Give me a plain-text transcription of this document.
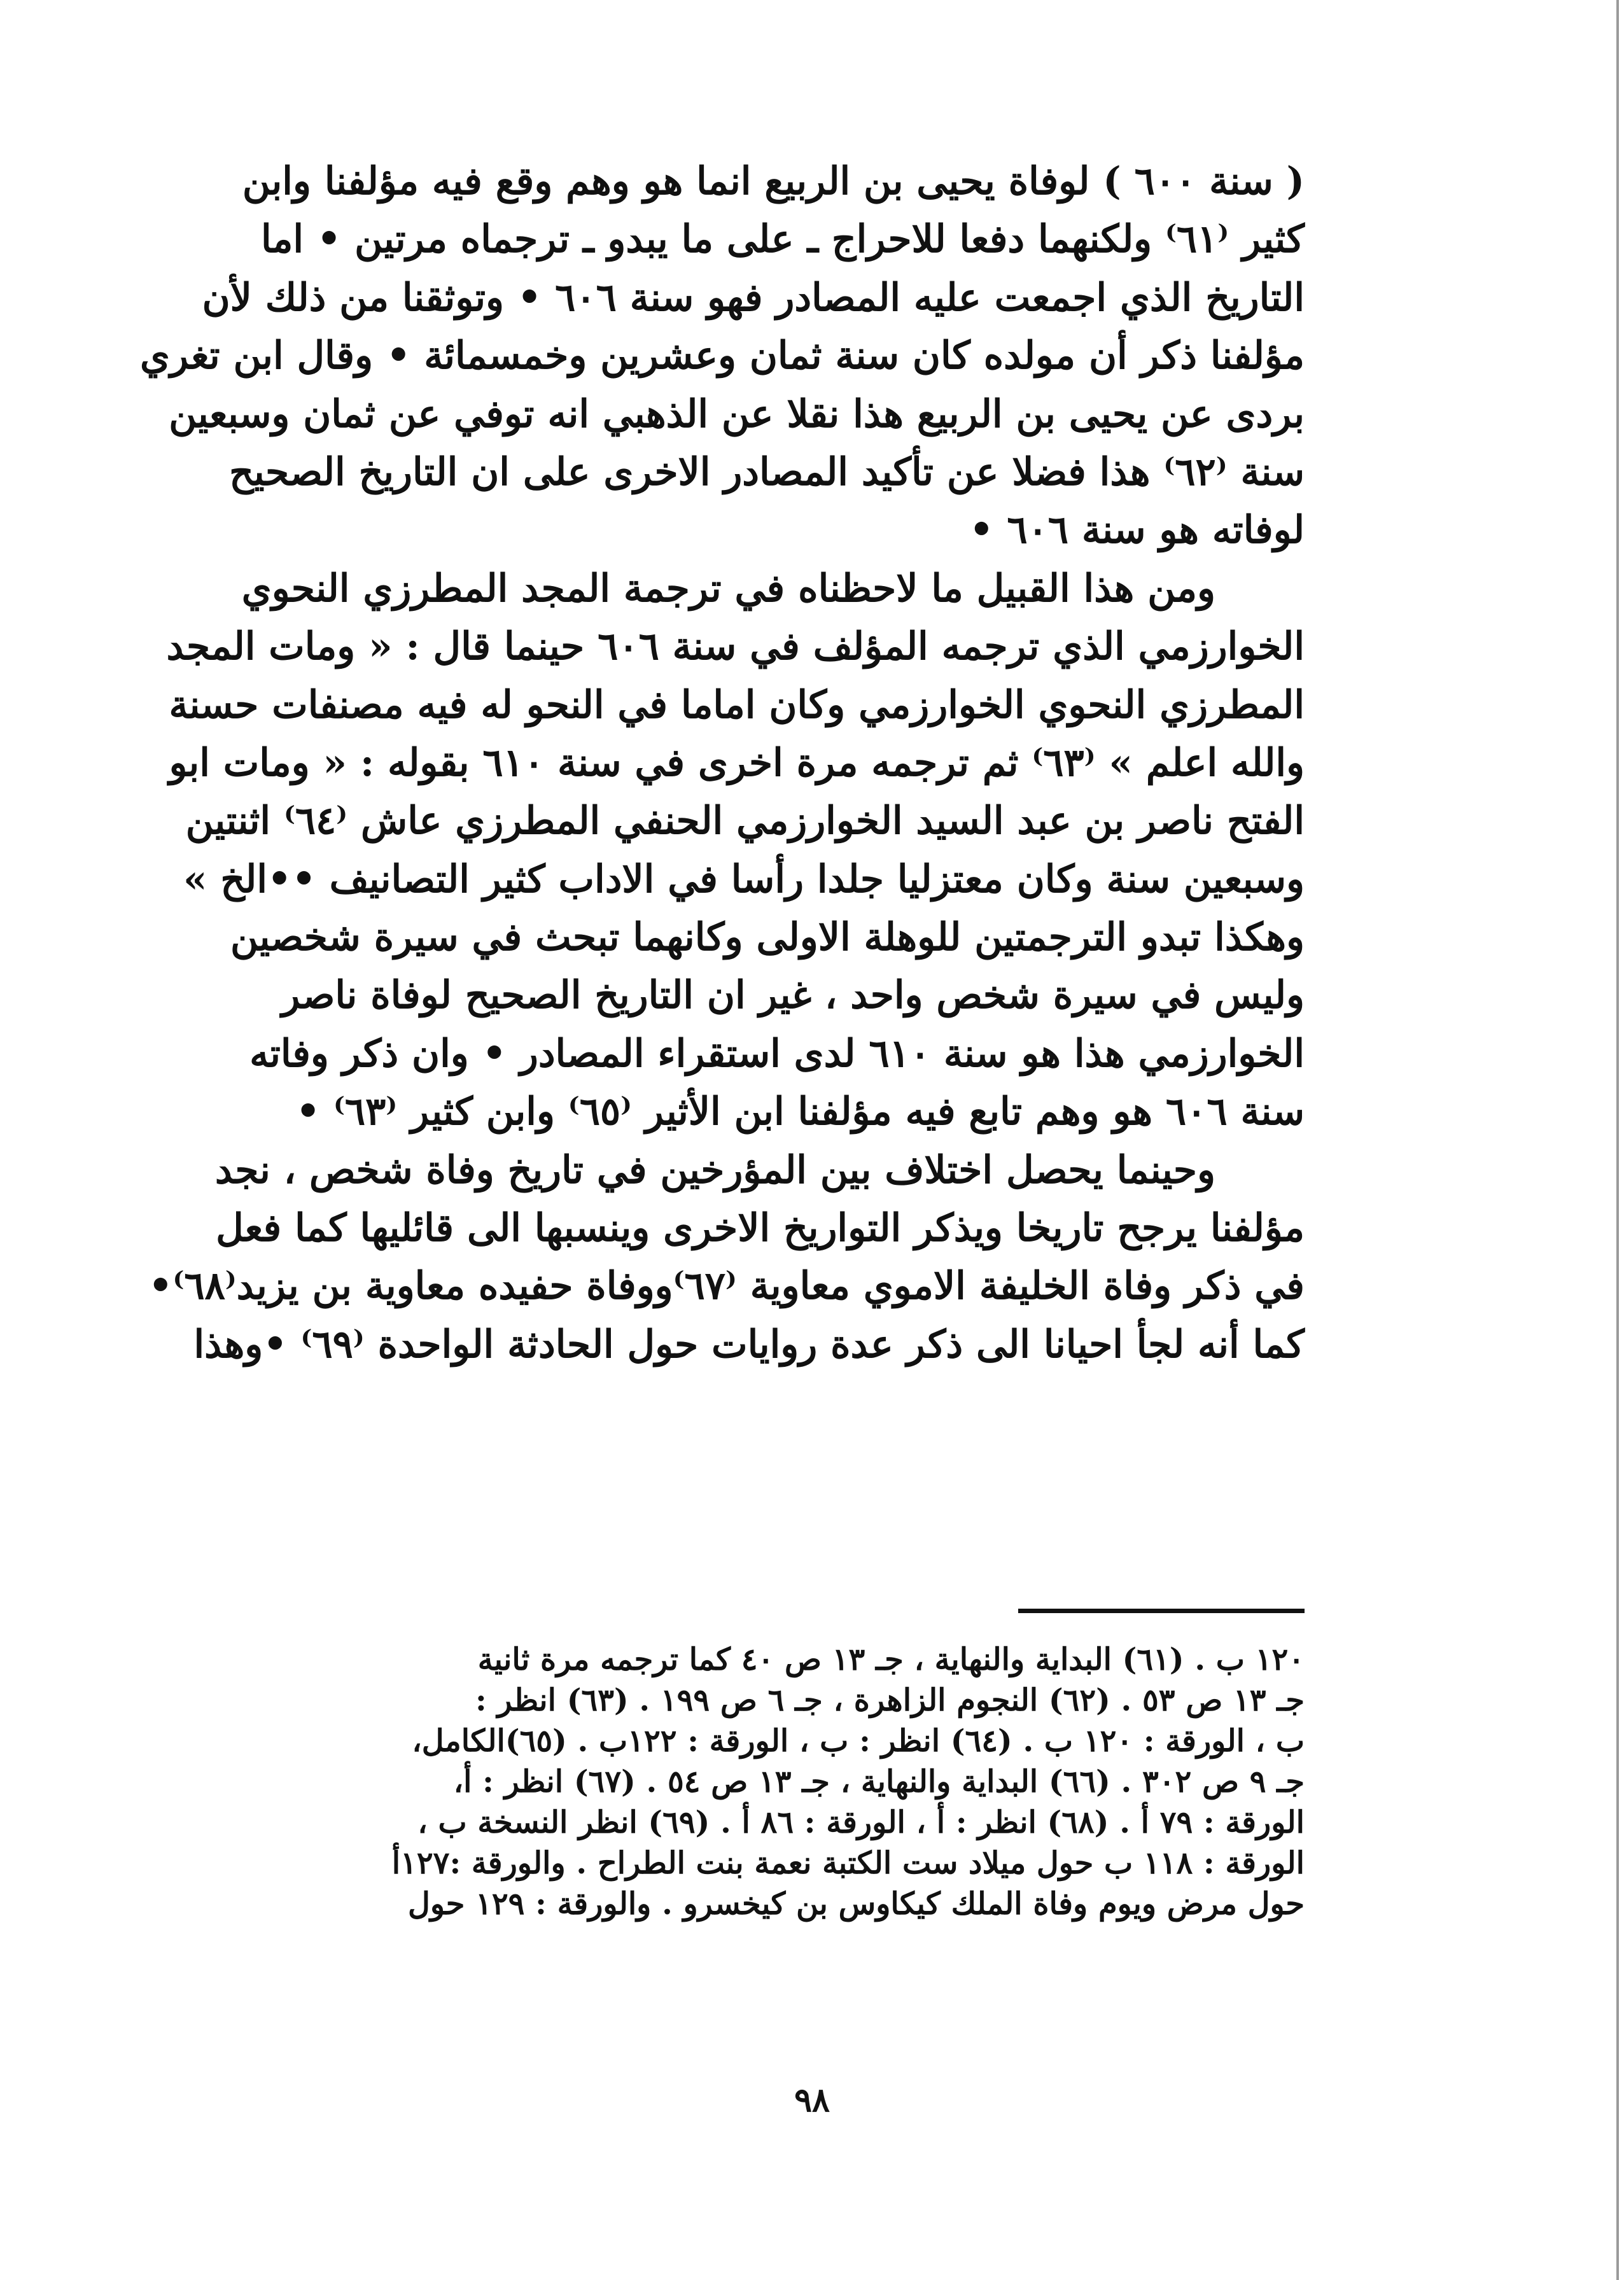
( سنة ٦٠٠ ) لوفاة يحيى بن الربيع انما هو وهم وقع فيه مؤلفنا وابن
كثير ⁽٦١⁾ ولكنهما دفعا للاحراج ـ على ما يبدو ـ ترجماه مرتين • اما
التاريخ الذي اجمعت عليه المصادر فهو سنة ٦٠٦ • وتوثقنا من ذلك لأن
مؤلفنا ذكر أن مولده كان سنة ثمان وعشرين وخمسمائة • وقال ابن تغري
بردى عن يحيى بن الربيع هذا نقلا عن الذهبي انه توفي عن ثمان وسبعين
سنة ⁽٦٢⁾ هذا فضلا عن تأكيد المصادر الاخرى على ان التاريخ الصحيح
لوفاته هو سنة ٦٠٦ •
ومن هذا القبيل ما لاحظناه في ترجمة المجد المطرزي النحوي
الخوارزمي الذي ترجمه المؤلف في سنة ٦٠٦ حينما قال : « ومات المجد
المطرزي النحوي الخوارزمي وكان اماما في النحو له فيه مصنفات حسنة
والله اعلم » ⁽٦٣⁾ ثم ترجمه مرة اخرى في سنة ٦١٠ بقوله : « ومات ابو
الفتح ناصر بن عبد السيد الخوارزمي الحنفي المطرزي عاش ⁽٦٤⁾ اثنتين
وسبعين سنة وكان معتزليا جلدا رأسا في الاداب كثير التصانيف ••الخ »
وهكذا تبدو الترجمتين للوهلة الاولى وكانهما تبحث في سيرة شخصين
وليس في سيرة شخص واحد ، غير ان التاريخ الصحيح لوفاة ناصر
الخوارزمي هذا هو سنة ٦١٠ لدى استقراء المصادر • وان ذكر وفاته
سنة ٦٠٦ هو وهم تابع فيه مؤلفنا ابن الأثير ⁽٦٥⁾ وابن كثير ⁽٦٣⁾ •
وحينما يحصل اختلاف بين المؤرخين في تاريخ وفاة شخص ، نجد
مؤلفنا يرجح تاريخا ويذكر التواريخ الاخرى وينسبها الى قائليها كما فعل
في ذكر وفاة الخليفة الاموي معاوية ⁽٦٧⁾ووفاة حفيده معاوية بن يزيد⁽٦٨⁾•
كما أنه لجأ احيانا الى ذكر عدة روايات حول الحادثة الواحدة ⁽٦٩⁾ •وهذا
١٢٠ ب . (٦١) البداية والنهاية ، جـ ١٣ ص ٤٠ كما ترجمه مرة ثانية
جـ ١٣ ص ٥٣ . (٦٢) النجوم الزاهرة ، جـ ٦ ص ١٩٩ . (٦٣) انظر :
ب ، الورقة : ١٢٠ ب . (٦٤) انظر : ب ، الورقة : ١٢٢ب . (٦٥)الكامل،
جـ ٩ ص ٣٠٢ . (٦٦) البداية والنهاية ، جـ ١٣ ص ٥٤ . (٦٧) انظر : أ،
الورقة : ٧٩ أ . (٦٨) انظر : أ ، الورقة : ٨٦ أ . (٦٩) انظر النسخة ب ،
الورقة : ١١٨ ب حول ميلاد ست الكتبة نعمة بنت الطراح . والورقة :١٢٧أ
حول مرض ويوم وفاة الملك كيكاوس بن كيخسرو . والورقة : ١٢٩ حول
٩٨
